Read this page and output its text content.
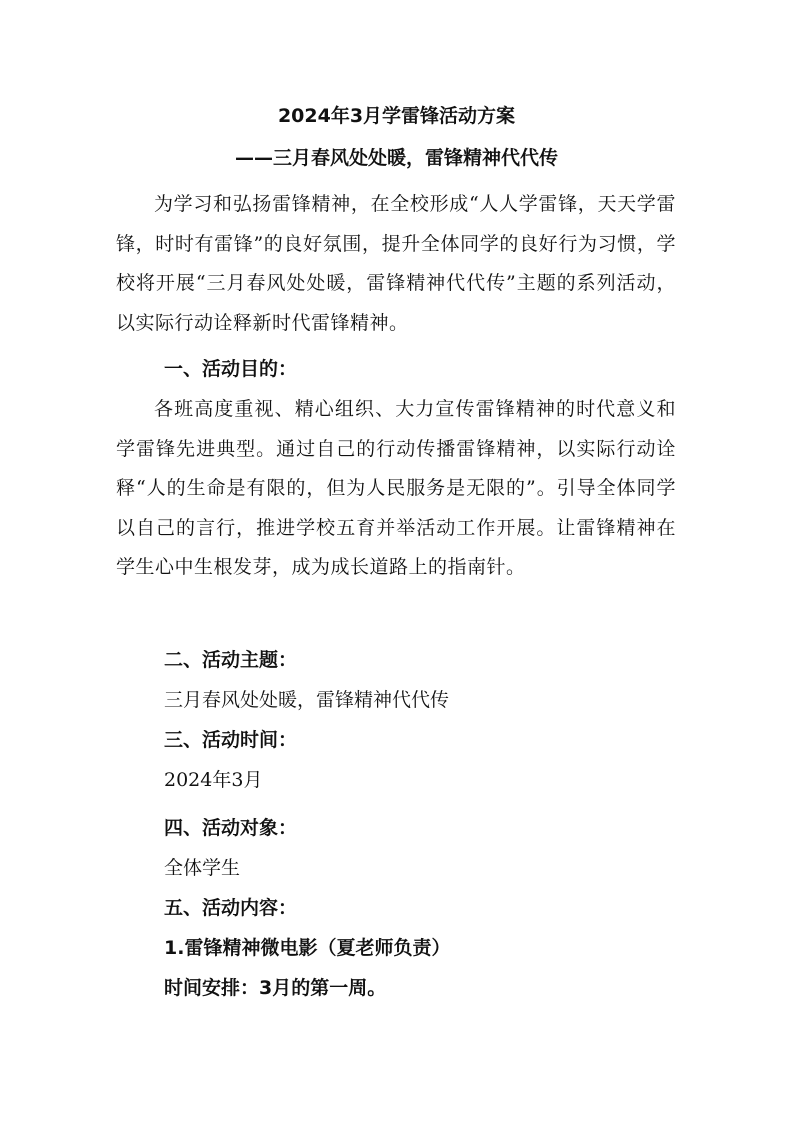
2024年3月学雷锋活动方案
——三月春风处处暖，雷锋精神代代传

为学习和弘扬雷锋精神，在全校形成“人人学雷锋，天天学雷锋，时时有雷锋”的良好氛围，提升全体同学的良好行为习惯，学校将开展“三月春风处处暖，雷锋精神代代传”主题的系列活动，以实际行动诠释新时代雷锋精神。

一、活动目的：

各班高度重视、精心组织、大力宣传雷锋精神的时代意义和学雷锋先进典型。通过自己的行动传播雷锋精神，以实际行动诠释“人的生命是有限的，但为人民服务是无限的”。引导全体同学以自己的言行，推进学校五育并举活动工作开展。让雷锋精神在学生心中生根发芽，成为成长道路上的指南针。

二、活动主题：

三月春风处处暖，雷锋精神代代传

三、活动时间：

2024年3月

四、活动对象：

全体学生

五、活动内容：

1.雷锋精神微电影（夏老师负责）

时间安排：3月的第一周。
